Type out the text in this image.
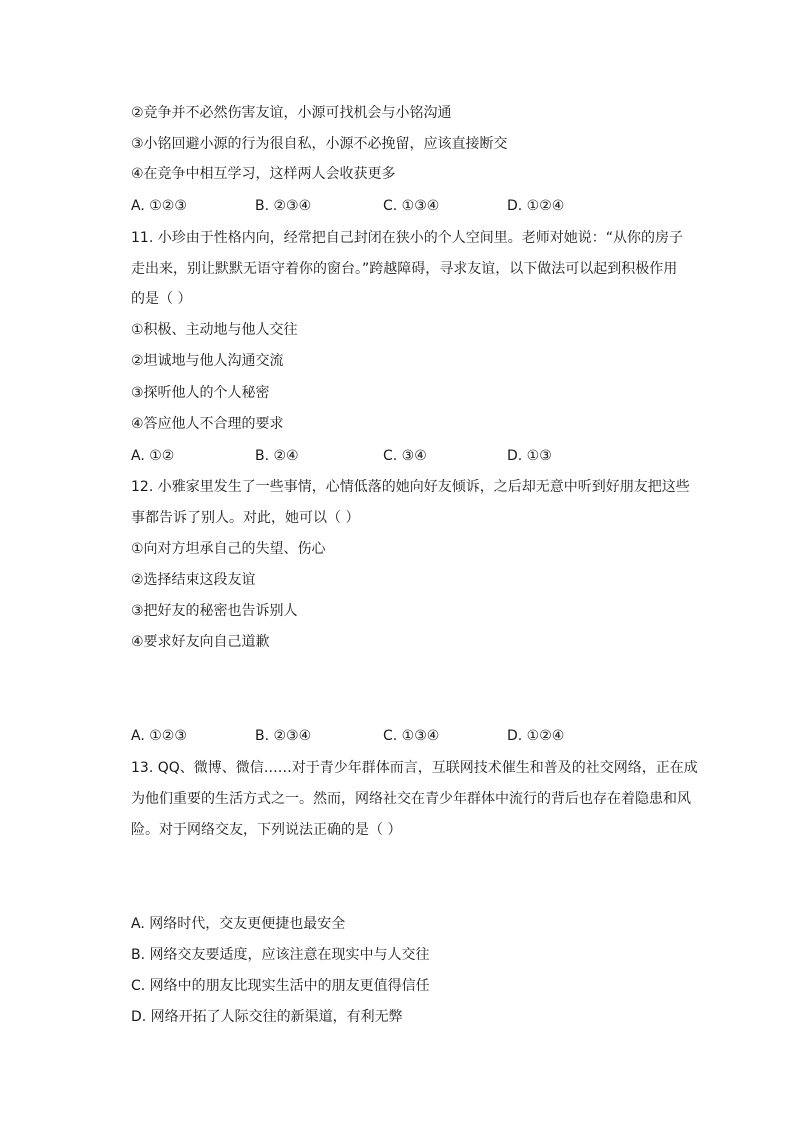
②竞争并不必然伤害友谊，小源可找机会与小铭沟通
③小铭回避小源的行为很自私，小源不必挽留，应该直接断交
④在竞争中相互学习，这样两人会收获更多
A. ①②③	B. ②③④	C. ①③④	D. ①②④
11. 小珍由于性格内向，经常把自己封闭在狭小的个人空间里。老师对她说：“从你的房子
走出来，别让默默无语守着你的窗台。”跨越障碍，寻求友谊，以下做法可以起到积极作用
的是（ ）
①积极、主动地与他人交往
②坦诚地与他人沟通交流
③探听他人的个人秘密
④答应他人不合理的要求
A. ①②	B. ②④	C. ③④	D. ①③
12. 小雅家里发生了一些事情，心情低落的她向好友倾诉，之后却无意中听到好朋友把这些
事都告诉了别人。对此，她可以（ ）
①向对方坦承自己的失望、伤心
②选择结束这段友谊
③把好友的秘密也告诉别人
④要求好友向自己道歉
A. ①②③	B. ②③④	C. ①③④	D. ①②④
13. QQ、微博、微信……对于青少年群体而言，互联网技术催生和普及的社交网络，正在成
为他们重要的生活方式之一。然而，网络社交在青少年群体中流行的背后也存在着隐患和风
险。对于网络交友，下列说法正确的是（ ）
A. 网络时代，交友更便捷也最安全
B. 网络交友要适度，应该注意在现实中与人交往
C. 网络中的朋友比现实生活中的朋友更值得信任
D. 网络开拓了人际交往的新渠道，有利无弊
